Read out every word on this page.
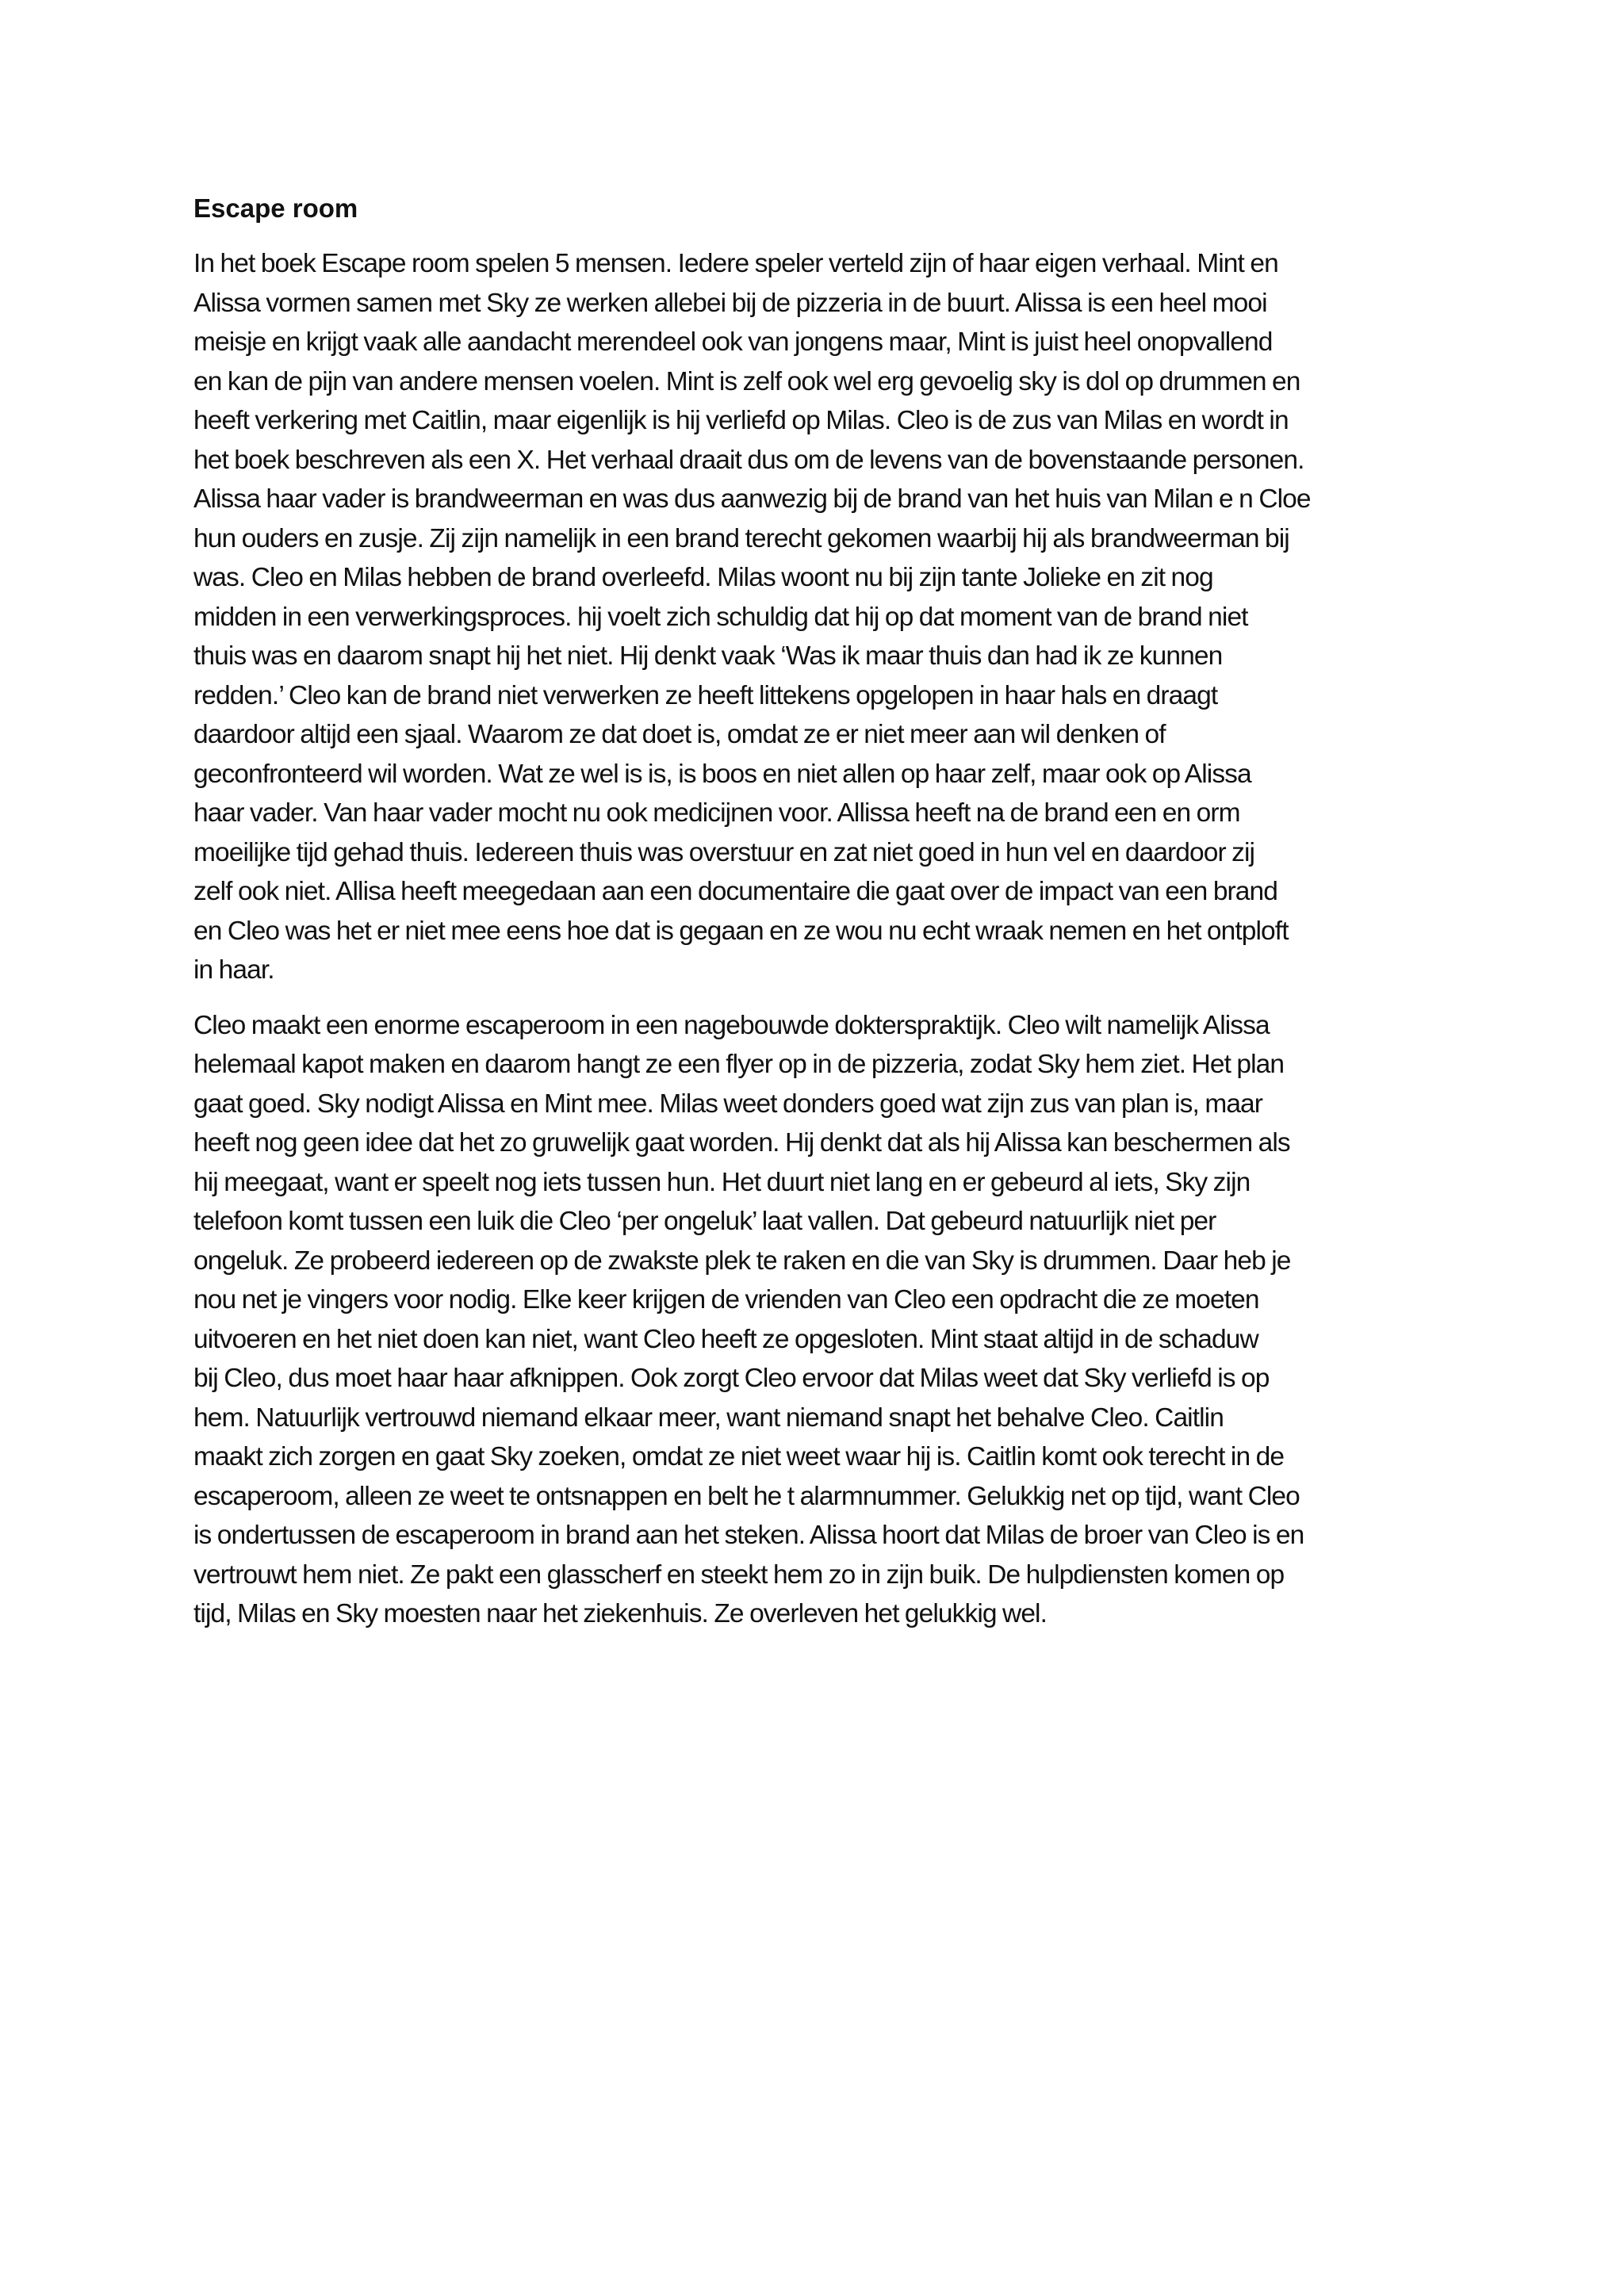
Escape room
In het boek Escape room spelen 5 mensen. Iedere speler verteld zijn of haar eigen verhaal. Mint en
Alissa vormen samen met Sky ze werken allebei bij de pizzeria in de buurt. Alissa is een heel mooi
meisje en krijgt vaak alle aandacht merendeel ook van jongens maar, Mint is juist heel onopvallend
en kan de pijn van andere mensen voelen. Mint is zelf ook wel erg gevoelig sky is dol op drummen en
heeft verkering met Caitlin, maar eigenlijk is hij verliefd op Milas. Cleo is de zus van Milas en wordt in
het boek beschreven als een X. Het verhaal draait dus om de levens van de bovenstaande personen.
Alissa haar vader is brandweerman en was dus aanwezig bij de brand van het huis van Milan e n Cloe
hun ouders en zusje. Zij zijn namelijk in een brand terecht gekomen waarbij hij als brandweerman bij
was. Cleo en Milas hebben de brand overleefd. Milas woont nu bij zijn tante Jolieke en zit nog
midden in een verwerkingsproces. hij voelt zich schuldig dat hij op dat moment van de brand niet
thuis was en daarom snapt hij het niet. Hij denkt vaak ‘Was ik maar thuis dan had ik ze kunnen
redden.’ Cleo kan de brand niet verwerken ze heeft littekens opgelopen in haar hals en draagt
daardoor altijd een sjaal. Waarom ze dat doet is, omdat ze er niet meer aan wil denken of
geconfronteerd wil worden. Wat ze wel is is, is boos en niet allen op haar zelf, maar ook op Alissa
haar vader. Van haar vader mocht nu ook medicijnen voor. Allissa heeft na de brand een en orm
moeilijke tijd gehad thuis. Iedereen thuis was overstuur en zat niet goed in hun vel en daardoor zij
zelf ook niet. Allisa heeft meegedaan aan een documentaire die gaat over de impact van een brand
en Cleo was het er niet mee eens hoe dat is gegaan en ze wou nu echt wraak nemen en het ontploft
in haar.
Cleo maakt een enorme escaperoom in een nagebouwde dokterspraktijk. Cleo wilt namelijk Alissa
helemaal kapot maken en daarom hangt ze een flyer op in de pizzeria, zodat Sky hem ziet. Het plan
gaat goed. Sky nodigt Alissa en Mint mee. Milas weet donders goed wat zijn zus van plan is, maar
heeft nog geen idee dat het zo gruwelijk gaat worden. Hij denkt dat als hij Alissa kan beschermen als
hij meegaat, want er speelt nog iets tussen hun. Het duurt niet lang en er gebeurd al iets, Sky zijn
telefoon komt tussen een luik die Cleo ‘per ongeluk’ laat vallen. Dat gebeurd natuurlijk niet per
ongeluk. Ze probeerd iedereen op de zwakste plek te raken en die van Sky is drummen. Daar heb je
nou net je vingers voor nodig. Elke keer krijgen de vrienden van Cleo een opdracht die ze moeten
uitvoeren en het niet doen kan niet, want Cleo heeft ze opgesloten. Mint staat altijd in de schaduw
bij Cleo, dus moet haar haar afknippen. Ook zorgt Cleo ervoor dat Milas weet dat Sky verliefd is op
hem. Natuurlijk vertrouwd niemand elkaar meer, want niemand snapt het behalve Cleo. Caitlin
maakt zich zorgen en gaat Sky zoeken, omdat ze niet weet waar hij is. Caitlin komt ook terecht in de
escaperoom, alleen ze weet te ontsnappen en belt he t alarmnummer. Gelukkig net op tijd, want Cleo
is ondertussen de escaperoom in brand aan het steken. Alissa hoort dat Milas de broer van Cleo is en
vertrouwt hem niet. Ze pakt een glasscherf en steekt hem zo in zijn buik. De hulpdiensten komen op
tijd, Milas en Sky moesten naar het ziekenhuis. Ze overleven het gelukkig wel.
